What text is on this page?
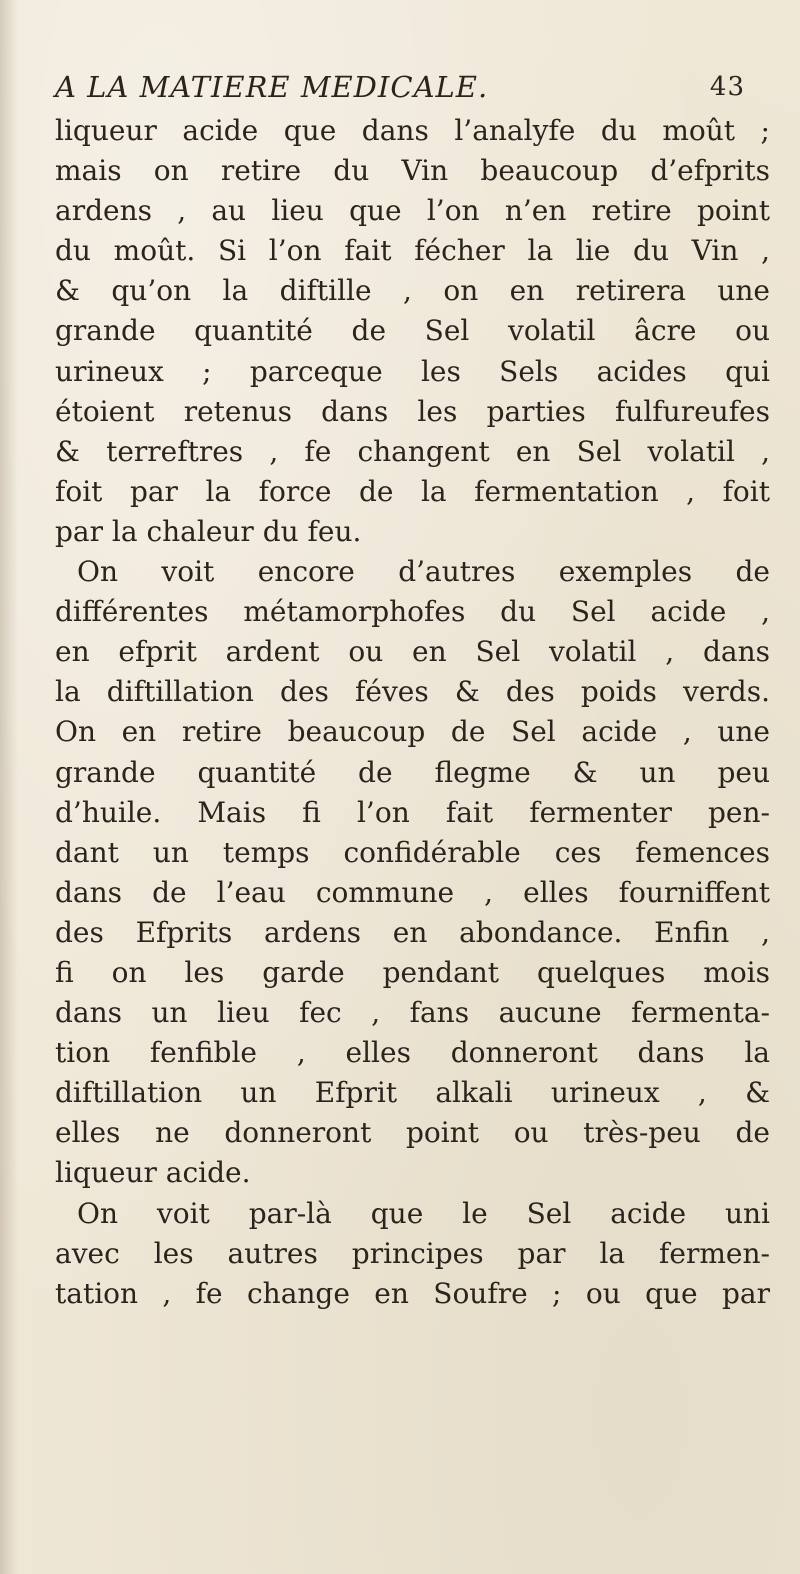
A LA MATIERE MEDICALE.	43
liqueur acide que dans l’analyfe du moût ;
mais on retire du Vin beaucoup d’efprits
ardens , au lieu que l’on n’en retire point
du moût. Si l’on fait fécher la lie du Vin ,
& qu’on la diftille , on en retirera une
grande quantité de Sel volatil âcre ou
urineux ; parceque les Sels acides qui
étoient retenus dans les parties fulfureufes
& terreftres , fe changent en Sel volatil ,
foit par la force de la fermentation , foit
par la chaleur du feu.
On voit encore d’autres exemples de
différentes métamorphofes du Sel acide ,
en efprit ardent ou en Sel volatil , dans
la diftillation des féves & des poids verds.
On en retire beaucoup de Sel acide , une
grande quantité de flegme & un peu
d’huile. Mais fi l’on fait fermenter pen-
dant un temps confidérable ces femences
dans de l’eau commune , elles fourniffent
des Efprits ardens en abondance. Enfin ,
fi on les garde pendant quelques mois
dans un lieu fec , fans aucune fermenta-
tion fenfible , elles donneront dans la
diftillation un Efprit alkali urineux , &
elles ne donneront point ou très-peu de
liqueur acide.
On voit par-là que le Sel acide uni
avec les autres principes par la fermen-
tation , fe change en Soufre ; ou que par
